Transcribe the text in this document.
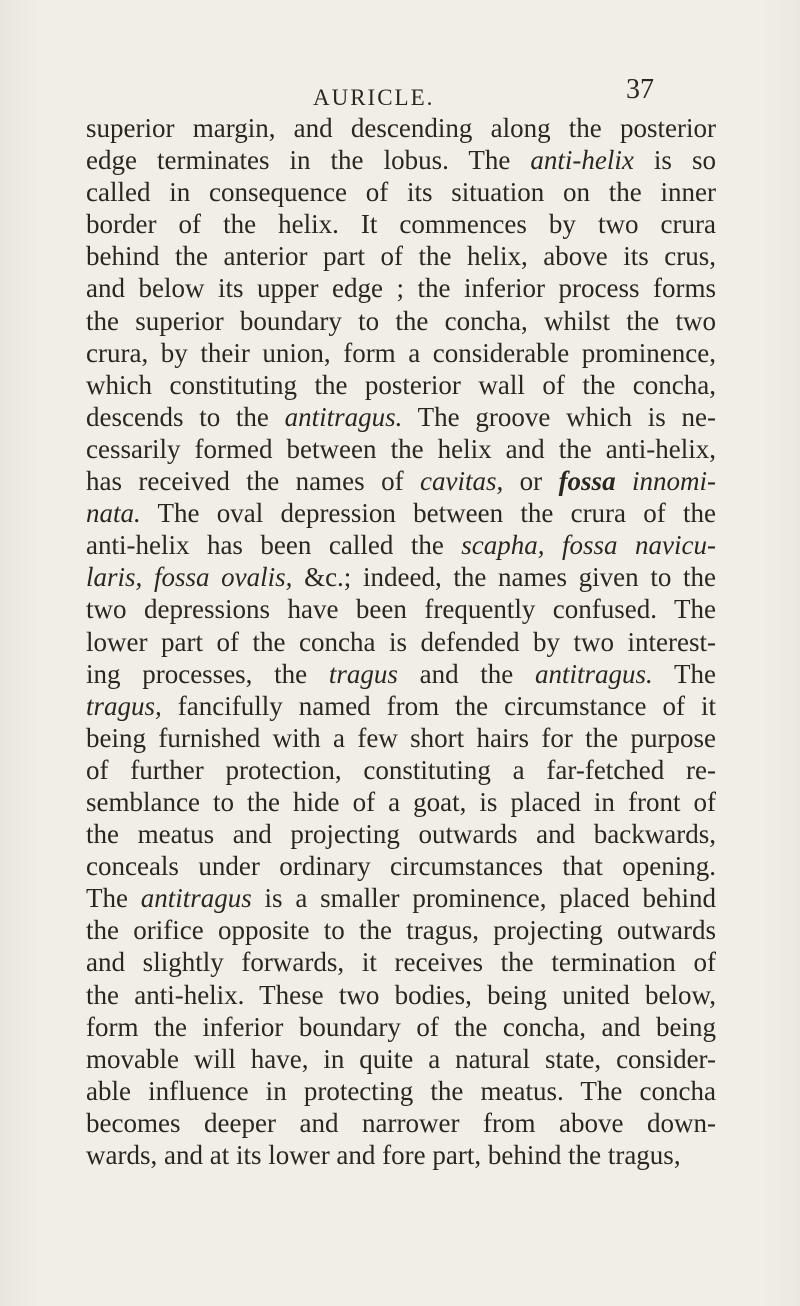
AURICLE.	37
superior margin, and descending along the posterior
edge terminates in the lobus. The anti-helix is so
called in consequence of its situation on the inner
border of the helix. It commences by two crura
behind the anterior part of the helix, above its crus,
and below its upper edge ; the inferior process forms
the superior boundary to the concha, whilst the two
crura, by their union, form a considerable prominence,
which constituting the posterior wall of the concha,
descends to the antitragus. The groove which is ne-
cessarily formed between the helix and the anti-helix,
has received the names of cavitas, or fossa innomi-
nata. The oval depression between the crura of the
anti-helix has been called the scapha, fossa navicu-
laris, fossa ovalis, &c.; indeed, the names given to the
two depressions have been frequently confused. The
lower part of the concha is defended by two interest-
ing processes, the tragus and the antitragus. The
tragus, fancifully named from the circumstance of it
being furnished with a few short hairs for the purpose
of further protection, constituting a far-fetched re-
semblance to the hide of a goat, is placed in front of
the meatus and projecting outwards and backwards,
conceals under ordinary circumstances that opening.
The antitragus is a smaller prominence, placed behind
the orifice opposite to the tragus, projecting outwards
and slightly forwards, it receives the termination of
the anti-helix. These two bodies, being united below,
form the inferior boundary of the concha, and being
movable will have, in quite a natural state, consider-
able influence in protecting the meatus. The concha
becomes deeper and narrower from above down-
wards, and at its lower and fore part, behind the tragus,
